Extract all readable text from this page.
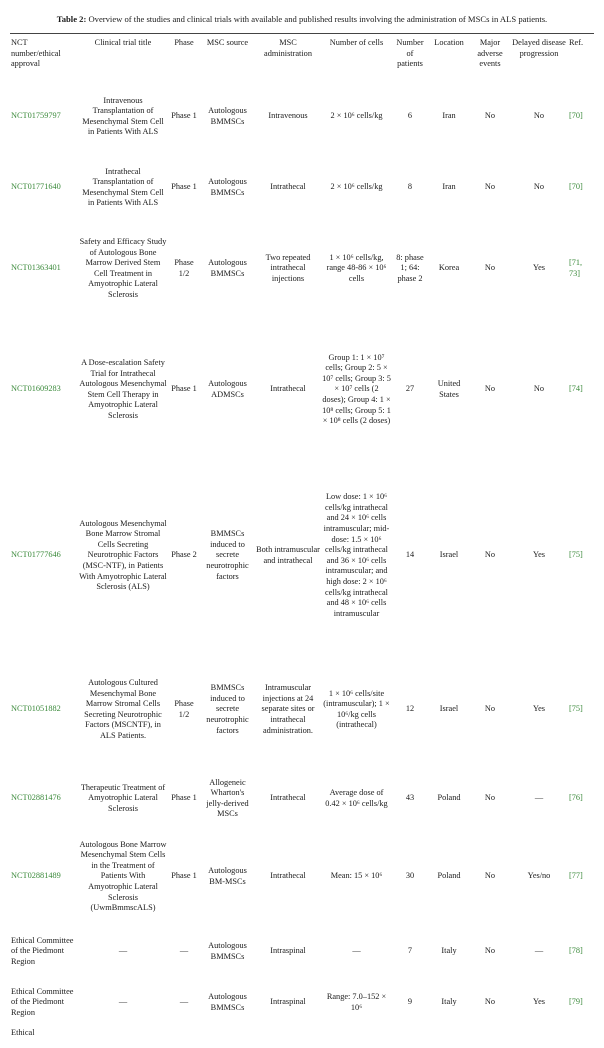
Table 2: Overview of the studies and clinical trials with available and published results involving the administration of MSCs in ALS patients.
NCT number/ethical approval	Clinical trial title	Phase	MSC source	MSC administration	Number of cells	Number of patients	Location	Major adverse events	Delayed disease progression	Ref.
NCT01759797	Intravenous Transplantation of Mesenchymal Stem Cell in Patients With ALS	Phase 1	Autologous BMMSCs	Intravenous	2 × 10⁶ cells/kg	6	Iran	No	No	[70]
NCT01771640	Intrathecal Transplantation of Mesenchymal Stem Cell in Patients With ALS	Phase 1	Autologous BMMSCs	Intrathecal	2 × 10⁶ cells/kg	8	Iran	No	No	[70]
NCT01363401	Safety and Efficacy Study of Autologous Bone Marrow Derived Stem Cell Treatment in Amyotrophic Lateral Sclerosis	Phase 1/2	Autologous BMMSCs	Two repeated intrathecal injections	1 × 10⁶ cells/kg, range 48-86 × 10⁶ cells	8: phase 1; 64: phase 2	Korea	No	Yes	[71, 73]
NCT01609283	A Dose-escalation Safety Trial for Intrathecal Autologous Mesenchymal Stem Cell Therapy in Amyotrophic Lateral Sclerosis	Phase 1	Autologous ADMSCs	Intrathecal	Group 1: 1 × 10⁷ cells; Group 2: 5 × 10⁷ cells; Group 3: 5 × 10⁷ cells (2 doses); Group 4: 1 × 10⁸ cells; Group 5: 1 × 10⁸ cells (2 doses)	27	United States	No	No	[74]
NCT01777646	Autologous Mesenchymal Bone Marrow Stromal Cells Secreting Neurotrophic Factors (MSC-NTF), in Patients With Amyotrophic Lateral Sclerosis (ALS)	Phase 2	BMMSCs induced to secrete neurotrophic factors	Both intramuscular and intrathecal	Low dose: 1 × 10⁶ cells/kg intrathecal and 24 × 10⁶ cells intramuscular; mid-dose: 1.5 × 10⁶ cells/kg intrathecal and 36 × 10⁶ cells intramuscular; and high dose: 2 × 10⁶ cells/kg intrathecal and 48 × 10⁶ cells intramuscular	14	Israel	No	Yes	[75]
NCT01051882	Autologous Cultured Mesenchymal Bone Marrow Stromal Cells Secreting Neurotrophic Factors (MSCNTF), in ALS Patients.	Phase 1/2	BMMSCs induced to secrete neurotrophic factors	Intramuscular injections at 24 separate sites or intrathecal administration.	1 × 10⁶ cells/site (intramuscular); 1 × 10⁶/kg cells (intrathecal)	12	Israel	No	Yes	[75]
NCT02881476	Therapeutic Treatment of Amyotrophic Lateral Sclerosis	Phase 1	Allogeneic Wharton's jelly-derived MSCs	Intrathecal	Average dose of 0.42 × 10⁶ cells/kg	43	Poland	No	—	[76]
NCT02881489	Autologous Bone Marrow Mesenchymal Stem Cells in the Treatment of Patients With Amyotrophic Lateral Sclerosis (UwmBmmscALS)	Phase 1	Autologous BM-MSCs	Intrathecal	Mean: 15 × 10⁶	30	Poland	No	Yes/no	[77]
Ethical Committee of the Piedmont Region	—	—	Autologous BMMSCs	Intraspinal	—	7	Italy	No	—	[78]
Ethical Committee of the Piedmont Region	—	—	Autologous BMMSCs	Intraspinal	Range: 7.0–152 × 10⁶	9	Italy	No	Yes	[79]
Ethical										
